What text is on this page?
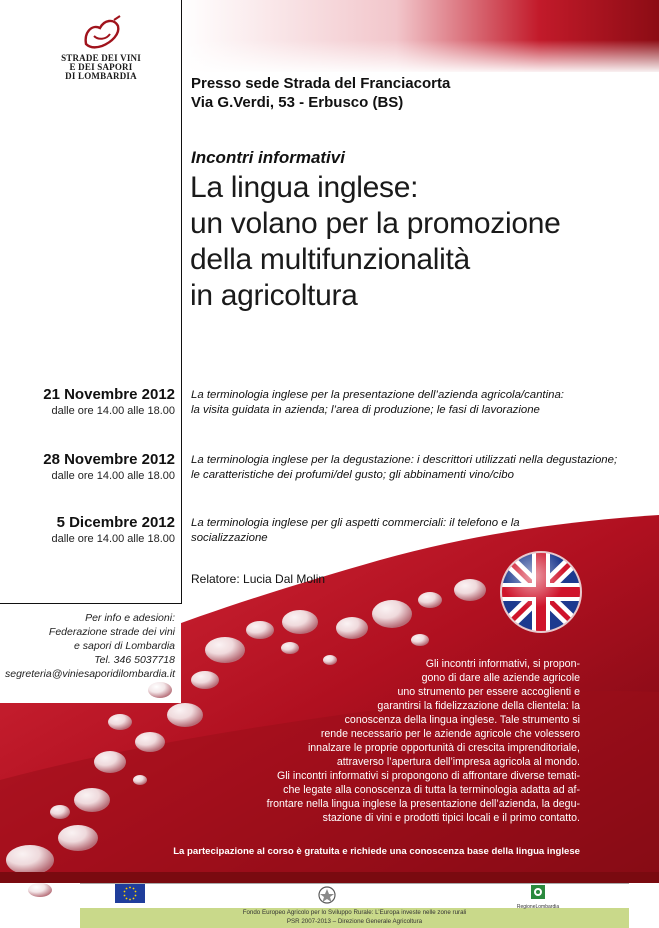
STRADE DEI VINI
E DEI SAPORI
DI LOMBARDIA	Presso sede Strada del Franciacorta
Via G.Verdi, 53 - Erbusco (BS)
Incontri informativi
La lingua inglese:
un volano per la promozione
della multifunzionalità
in agricoltura
21 Novembre 2012
dalle ore 14.00 alle 18.00
La terminologia inglese per la presentazione dell’azienda agricola/cantina:
la visita guidata in azienda; l’area di produzione; le fasi di lavorazione
28 Novembre 2012
dalle ore 14.00 alle 18.00
La terminologia inglese per la degustazione: i descrittori utilizzati nella degustazione;
le caratteristiche dei profumi/del gusto; gli abbinamenti vino/cibo
5 Dicembre 2012
dalle ore 14.00 alle 18.00
La terminologia inglese per gli aspetti commerciali: il telefono e la
socializzazione
Relatore: Lucia Dal Molin
Per info e adesioni:
Federazione strade dei vini
e sapori di Lombardia
Tel. 346 5037718
segreteria@viniesaporidilombardia.it
Gli incontri informativi, si propon-
gono di dare alle aziende agricole
uno strumento per essere accoglienti e
garantirsi la fidelizzazione della clientela: la
conoscenza della lingua inglese. Tale strumento si
rende necessario per le aziende agricole che volessero
innalzare le proprie opportunità di crescita imprenditoriale,
attraverso l’apertura dell’impresa agricola al mondo.
Gli incontri informativi si propongono di affrontare diverse temati-
che legate alla conoscenza di tutta la terminologia adatta ad af-
frontare nella lingua inglese la presentazione dell’azienda, la degu-
stazione di vini e prodotti tipici locali e il primo contatto.
La partecipazione al corso è gratuita e richiede una conoscenza base della lingua inglese
RegioneLombardia
Fondo Europeo Agricolo per lo Sviluppo Rurale: L’Europa investe nelle zone rurali
PSR 2007-2013 – Direzione Generale Agricoltura
